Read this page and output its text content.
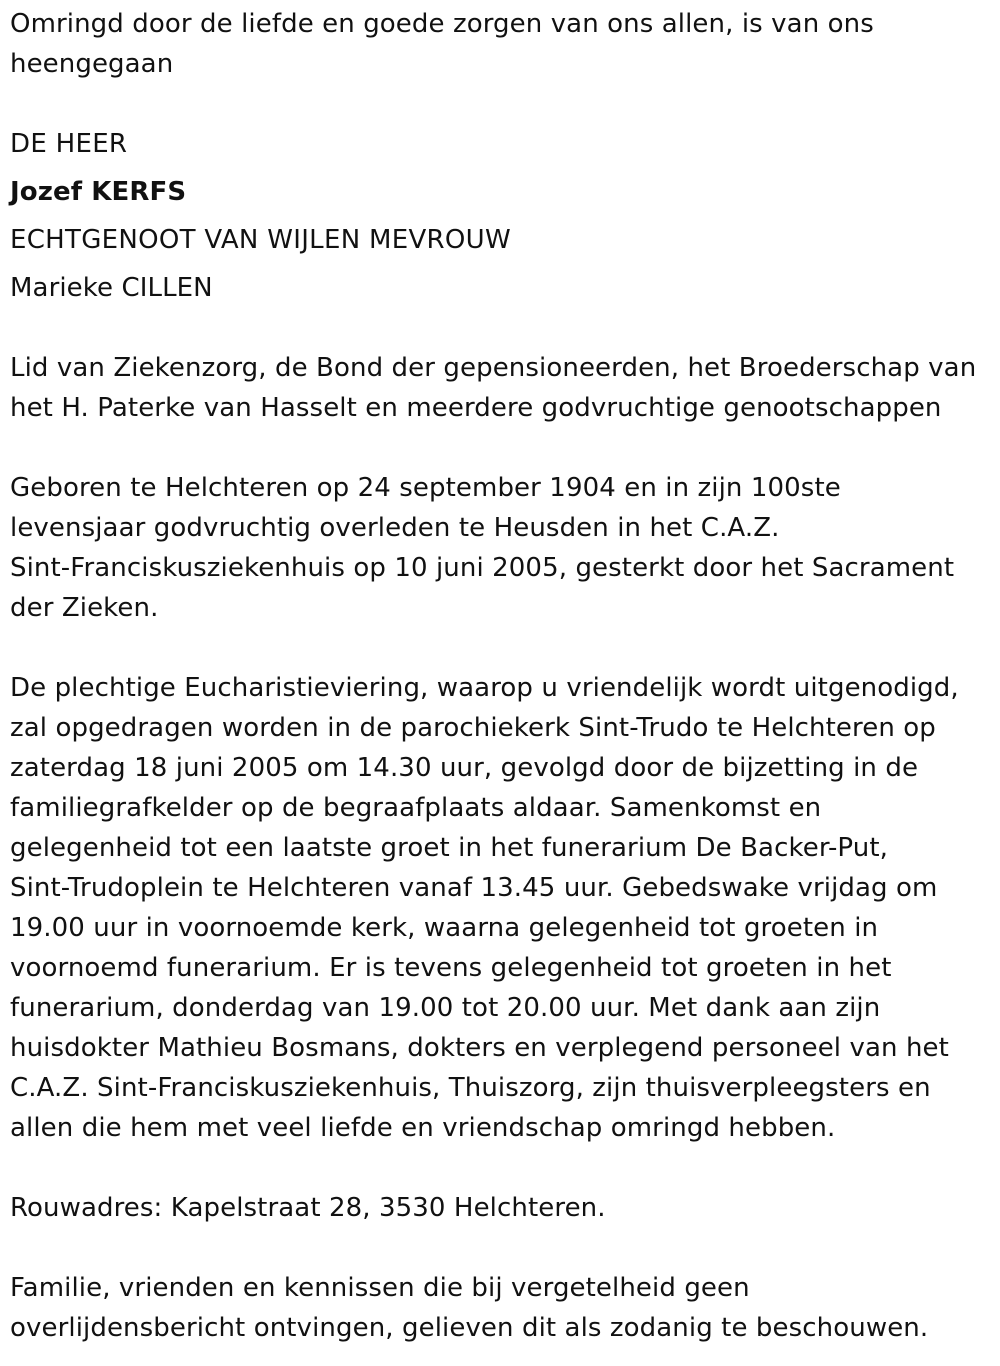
Omringd door de liefde en goede zorgen van ons allen, is van ons
heengegaan

DE HEER
Jozef KERFS
ECHTGENOOT VAN WIJLEN MEVROUW
Marieke CILLEN

Lid van Ziekenzorg, de Bond der gepensioneerden, het Broederschap van
het H. Paterke van Hasselt en meerdere godvruchtige genootschappen

Geboren te Helchteren op 24 september 1904 en in zijn 100ste
levensjaar godvruchtig overleden te Heusden in het C.A.Z.
Sint-Franciskusziekenhuis op 10 juni 2005, gesterkt door het Sacrament
der Zieken.

De plechtige Eucharistieviering, waarop u vriendelijk wordt uitgenodigd,
zal opgedragen worden in de parochiekerk Sint-Trudo te Helchteren op
zaterdag 18 juni 2005 om 14.30 uur, gevolgd door de bijzetting in de
familiegrafkelder op de begraafplaats aldaar. Samenkomst en
gelegenheid tot een laatste groet in het funerarium De Backer-Put,
Sint-Trudoplein te Helchteren vanaf 13.45 uur. Gebedswake vrijdag om
19.00 uur in voornoemde kerk, waarna gelegenheid tot groeten in
voornoemd funerarium. Er is tevens gelegenheid tot groeten in het
funerarium, donderdag van 19.00 tot 20.00 uur. Met dank aan zijn
huisdokter Mathieu Bosmans, dokters en verplegend personeel van het
C.A.Z. Sint-Franciskusziekenhuis, Thuiszorg, zijn thuisverpleegsters en
allen die hem met veel liefde en vriendschap omringd hebben.

Rouwadres: Kapelstraat 28, 3530 Helchteren.

Familie, vrienden en kennissen die bij vergetelheid geen
overlijdensbericht ontvingen, gelieven dit als zodanig te beschouwen.
